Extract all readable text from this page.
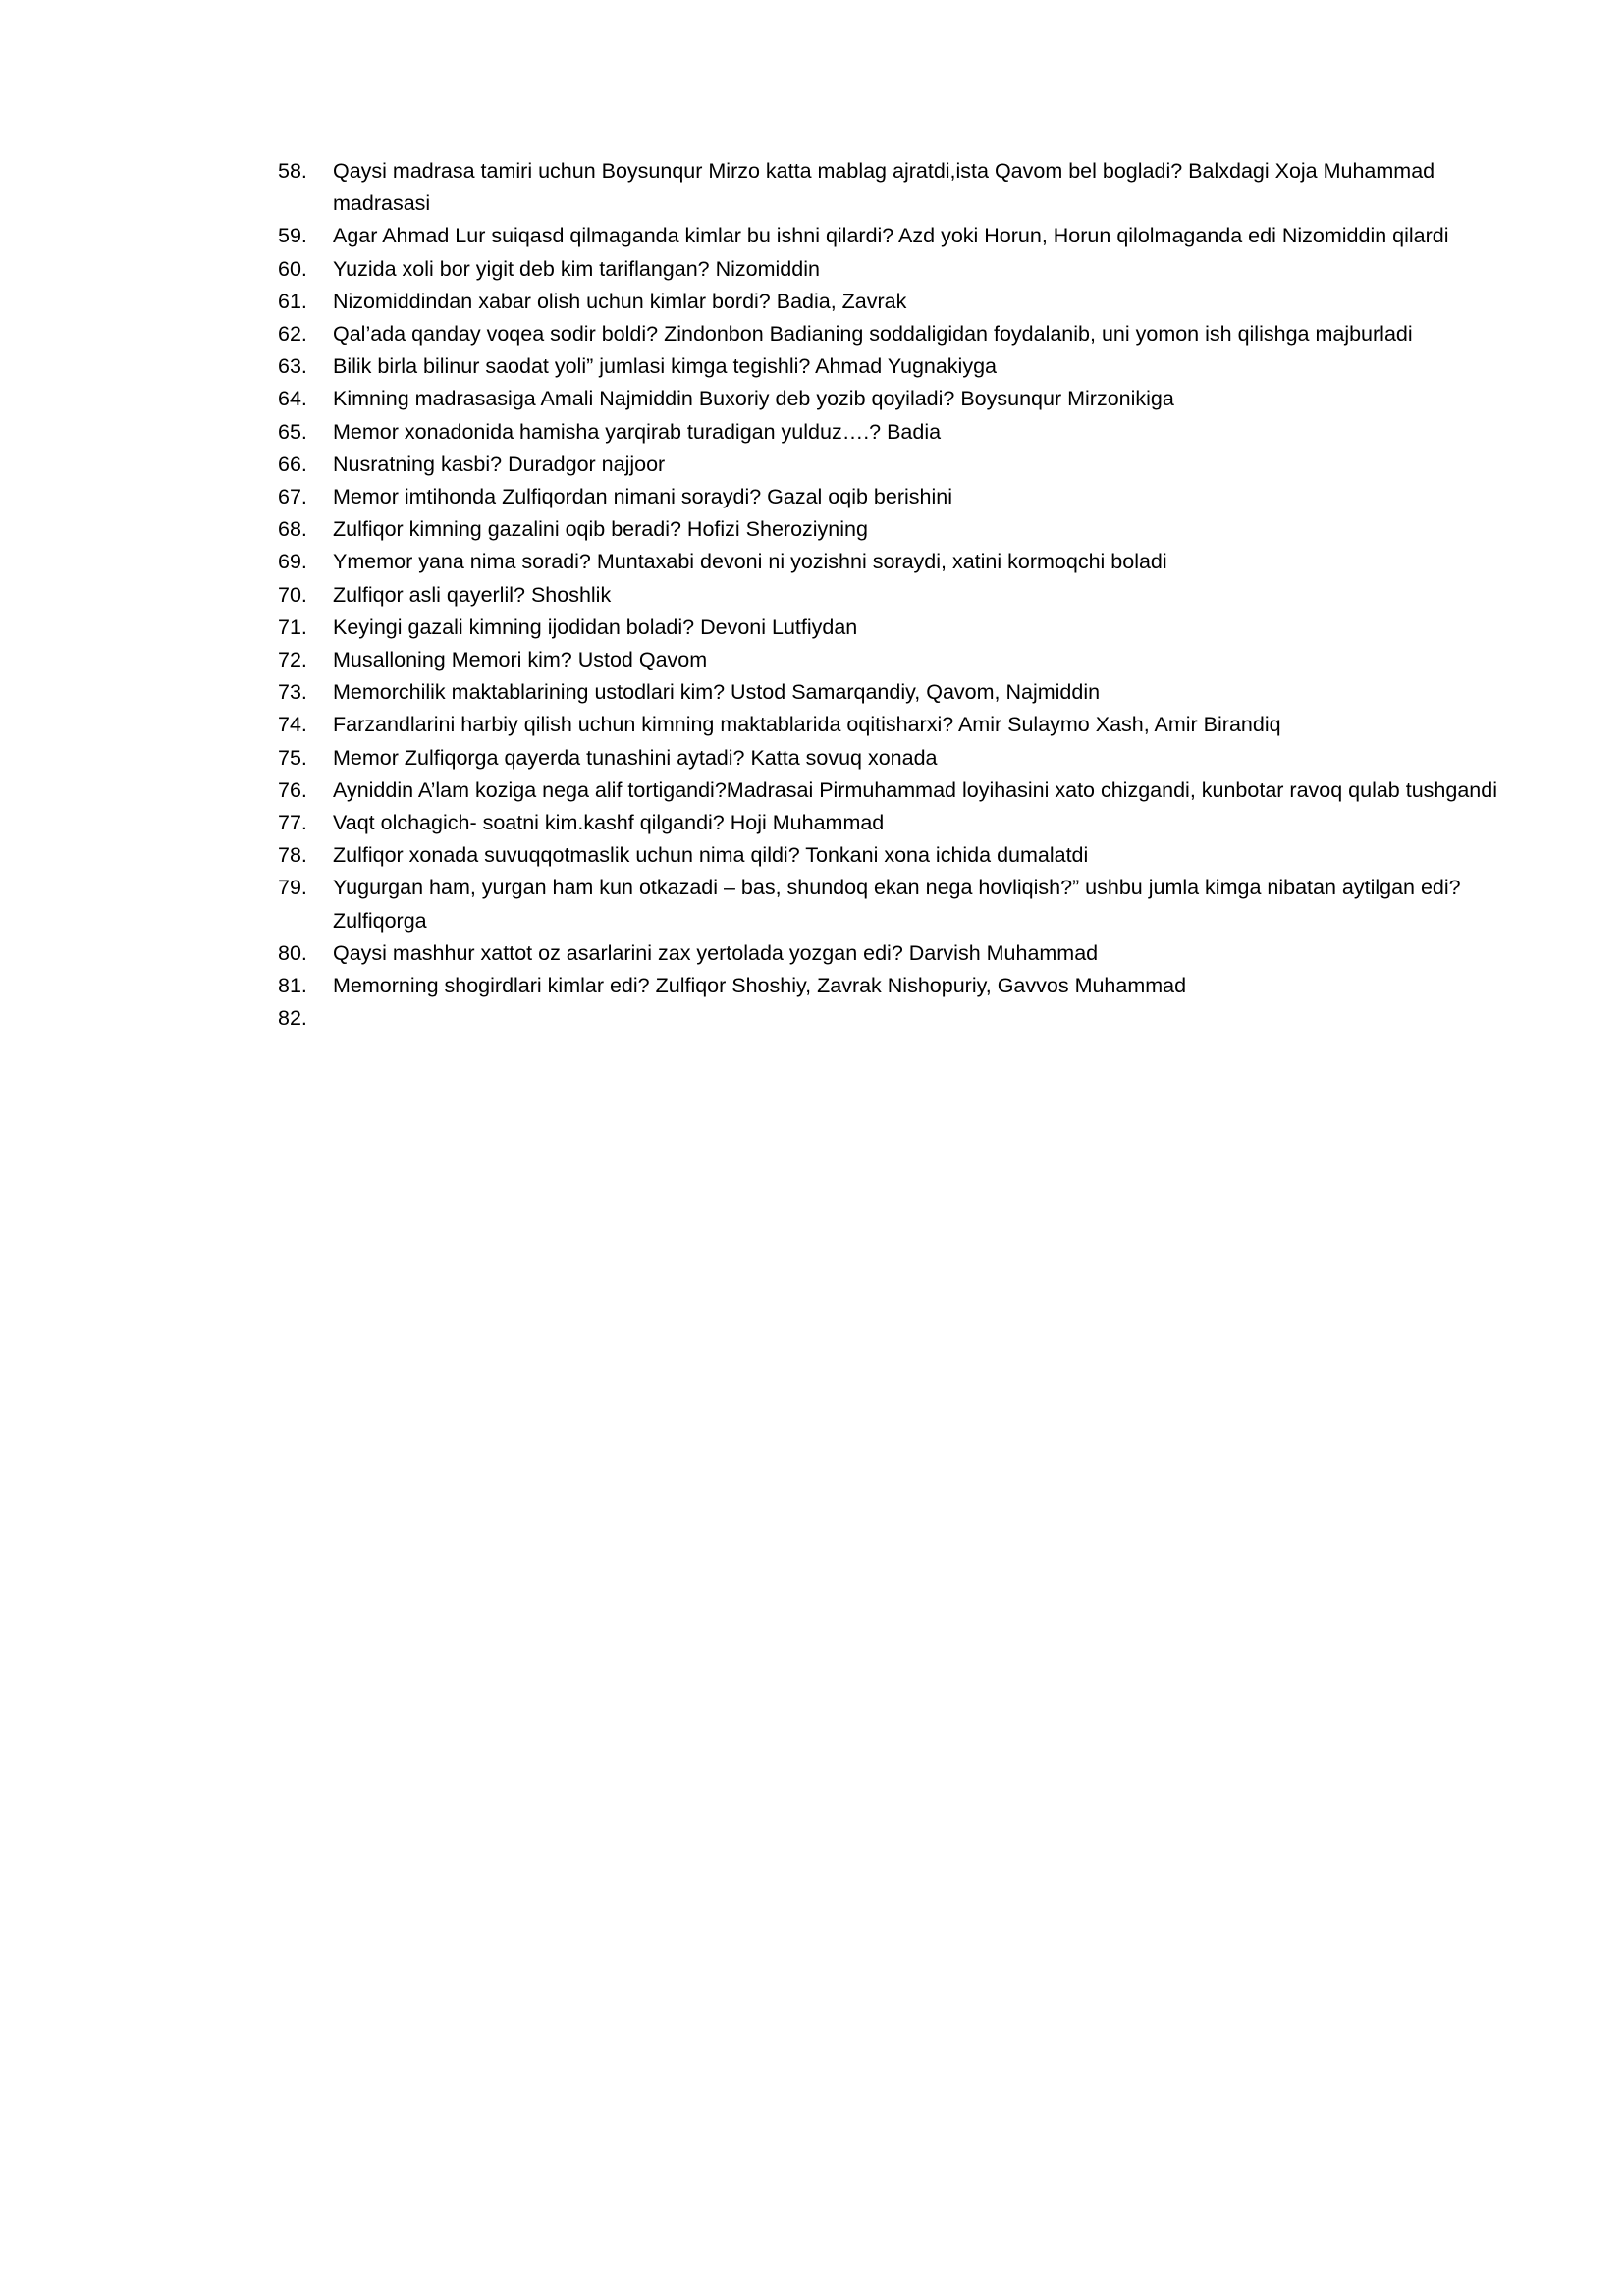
58.	Qaysi madrasa tamiri uchun Boysunqur Mirzo katta mablag ajratdi,ista Qavom bel bogladi? Balxdagi Xoja Muhammad madrasasi
59.	Agar Ahmad Lur suiqasd qilmaganda kimlar bu ishni qilardi? Azd yoki Horun, Horun qilolmaganda edi Nizomiddin qilardi
60.	Yuzida xoli bor yigit deb kim tariflangan? Nizomiddin
61.	Nizomiddindan xabar olish uchun kimlar bordi? Badia, Zavrak
62.	Qal’ada qanday voqea sodir boldi? Zindonbon Badianing soddaligidan foydalanib, uni yomon ish qilishga majburladi
63.	Bilik birla bilinur saodat yoli” jumlasi kimga tegishli? Ahmad Yugnakiyga
64.	Kimning madrasasiga Amali Najmiddin Buxoriy deb yozib qoyiladi? Boysunqur Mirzonikiga
65.	Memor xonadonida hamisha yarqirab turadigan yulduz….? Badia
66.	Nusratning kasbi? Duradgor najjoor
67.	Memor imtihonda Zulfiqordan nimani soraydi? Gazal oqib berishini
68.	Zulfiqor kimning gazalini oqib beradi? Hofizi Sheroziyning
69.	Ymemor yana nima soradi? Muntaxabi devoni ni yozishni soraydi, xatini kormoqchi boladi
70.	Zulfiqor asli qayerlil? Shoshlik
71.	Keyingi gazali kimning ijodidan boladi? Devoni Lutfiydan
72.	Musalloning Memori kim? Ustod Qavom
73.	Memorchilik maktablarining ustodlari kim? Ustod Samarqandiy, Qavom, Najmiddin
74.	Farzandlarini harbiy qilish uchun kimning maktablarida oqitisharxi? Amir Sulaymo Xash, Amir Birandiq
75.	Memor Zulfiqorga qayerda tunashini aytadi? Katta sovuq xonada
76.	Ayniddin A’lam koziga nega alif tortigandi?Madrasai Pirmuhammad loyihasini xato chizgandi, kunbotar ravoq qulab tushgandi
77.	Vaqt olchagich- soatni kim.kashf qilgandi? Hoji Muhammad
78.	Zulfiqor xonada suvuqqotmaslik uchun nima qildi? Tonkani xona ichida dumalatdi
79.	Yugurgan ham, yurgan ham kun otkazadi – bas, shundoq ekan nega hovliqish?” ushbu jumla kimga nibatan aytilgan edi? Zulfiqorga
80.	Qaysi mashhur xattot oz asarlarini zax yertolada yozgan edi? Darvish Muhammad
81.	Memorning shogirdlari kimlar edi? Zulfiqor Shoshiy, Zavrak Nishopuriy, Gavvos Muhammad
82.
